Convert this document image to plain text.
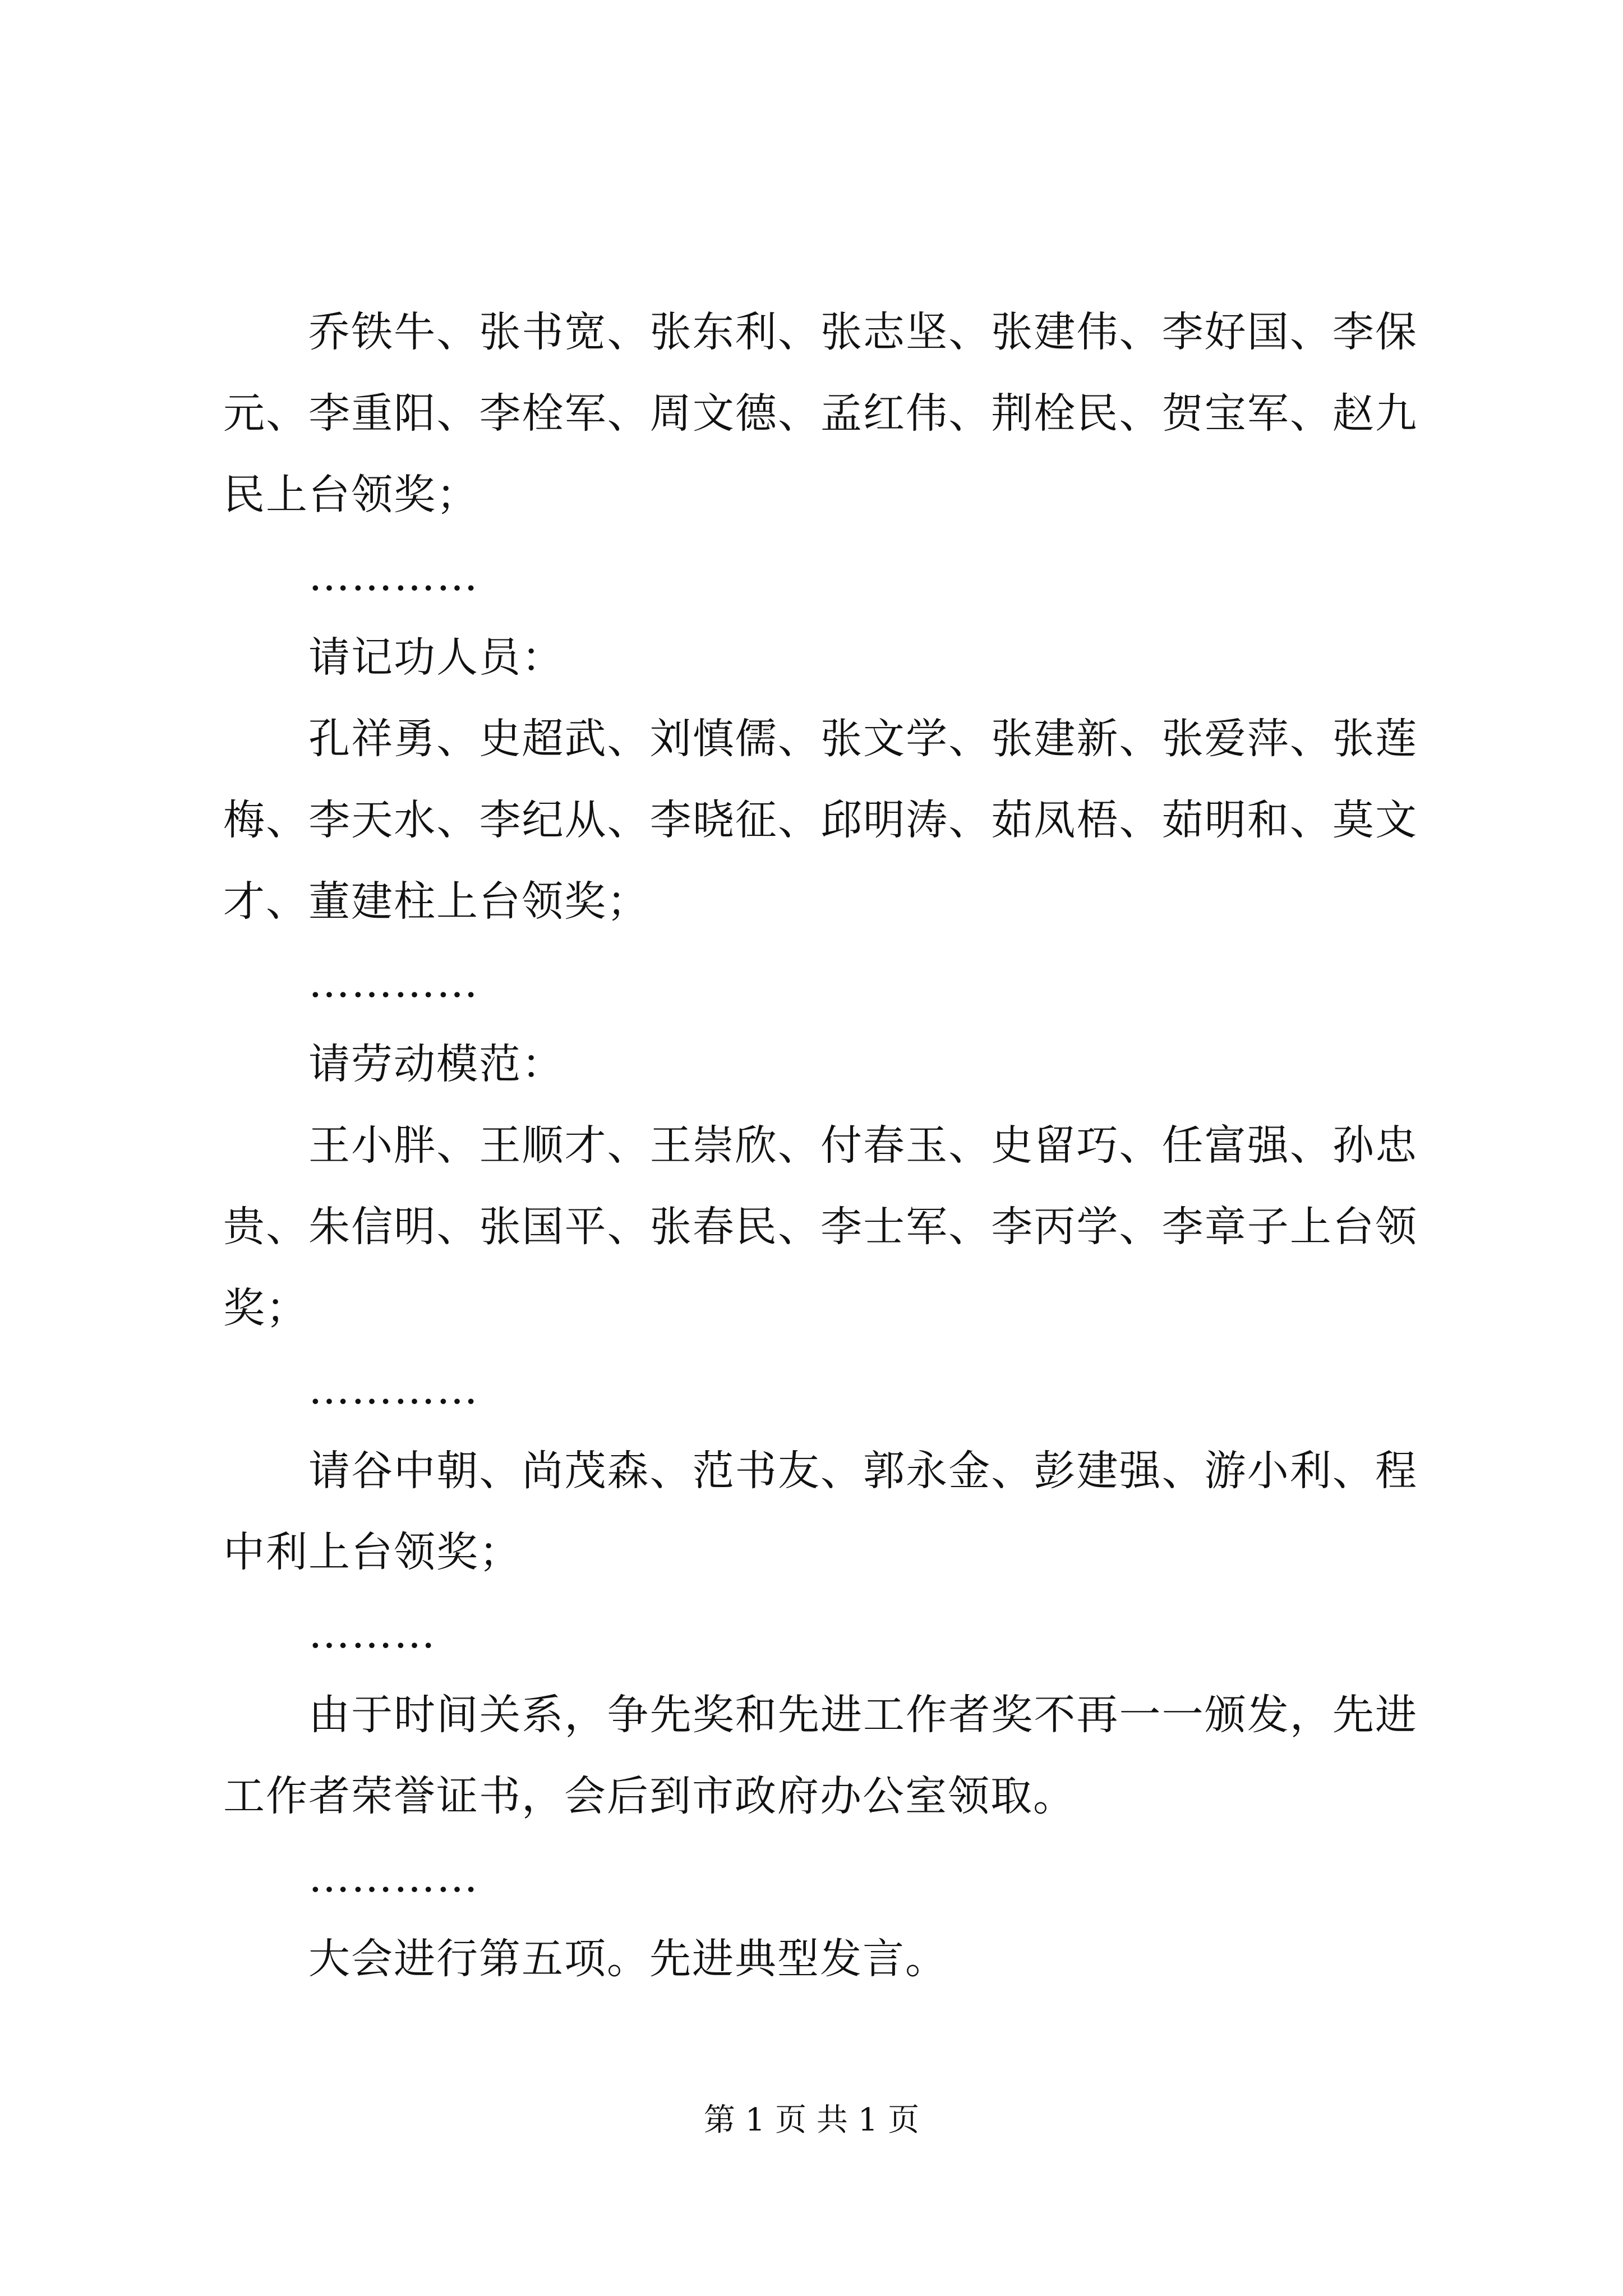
乔铁牛、张书宽、张东利、张志坚、张建伟、李好国、李保元、李重阳、李栓军、周文德、孟红伟、荆栓民、贺宝军、赵九民上台领奖；

…………

请记功人员：

孔祥勇、史超武、刘慎儒、张文学、张建新、张爱萍、张莲梅、李天水、李纪从、李晓征、邱明涛、茹凤梧、茹明和、莫文才、董建柱上台领奖；

…………

请劳动模范：

王小胖、王顺才、王崇欣、付春玉、史留巧、任富强、孙忠贵、朱信明、张国平、张春民、李士军、李丙学、李章子上台领奖；

…………

请谷中朝、尚茂森、范书友、郭永金、彭建强、游小利、程中利上台领奖；

………

由于时间关系，争先奖和先进工作者奖不再一一颁发，先进工作者荣誉证书，会后到市政府办公室领取。

…………

大会进行第五项。先进典型发言。

第 1 页 共 1 页
